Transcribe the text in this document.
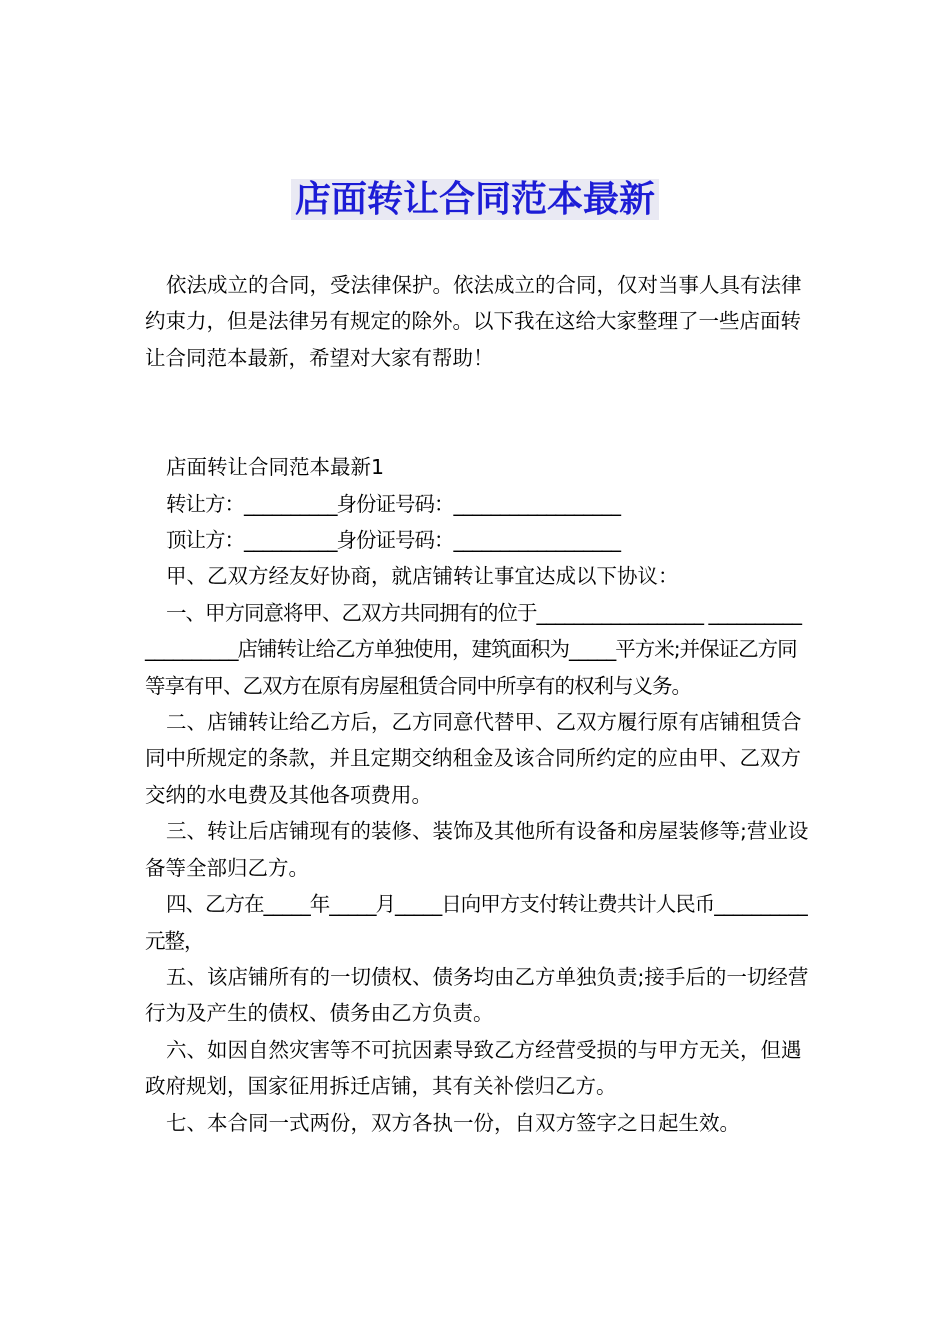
店面转让合同范本最新

依法成立的合同，受法律保护。依法成立的合同，仅对当事人具有法律约束力，但是法律另有规定的除外。以下我在这给大家整理了一些店面转让合同范本最新，希望对大家有帮助！

店面转让合同范本最新1

转让方：__________身份证号码：__________________

顶让方：__________身份证号码：__________________

甲、乙双方经友好协商，就店铺转让事宜达成以下协议：

一、甲方同意将甲、乙双方共同拥有的位于__________________ ____________________店铺转让给乙方单独使用，建筑面积为_____平方米;并保证乙方同等享有甲、乙双方在原有房屋租赁合同中所享有的权利与义务。

二、店铺转让给乙方后，乙方同意代替甲、乙双方履行原有店铺租赁合同中所规定的条款，并且定期交纳租金及该合同所约定的应由甲、乙双方交纳的水电费及其他各项费用。

三、转让后店铺现有的装修、装饰及其他所有设备和房屋装修等;营业设备等全部归乙方。

四、乙方在_____年_____月_____日向甲方支付转让费共计人民币__________元整，

五、该店铺所有的一切债权、债务均由乙方单独负责;接手后的一切经营行为及产生的债权、债务由乙方负责。

六、如因自然灾害等不可抗因素导致乙方经营受损的与甲方无关，但遇政府规划，国家征用拆迁店铺，其有关补偿归乙方。

七、本合同一式两份，双方各执一份，自双方签字之日起生效。
